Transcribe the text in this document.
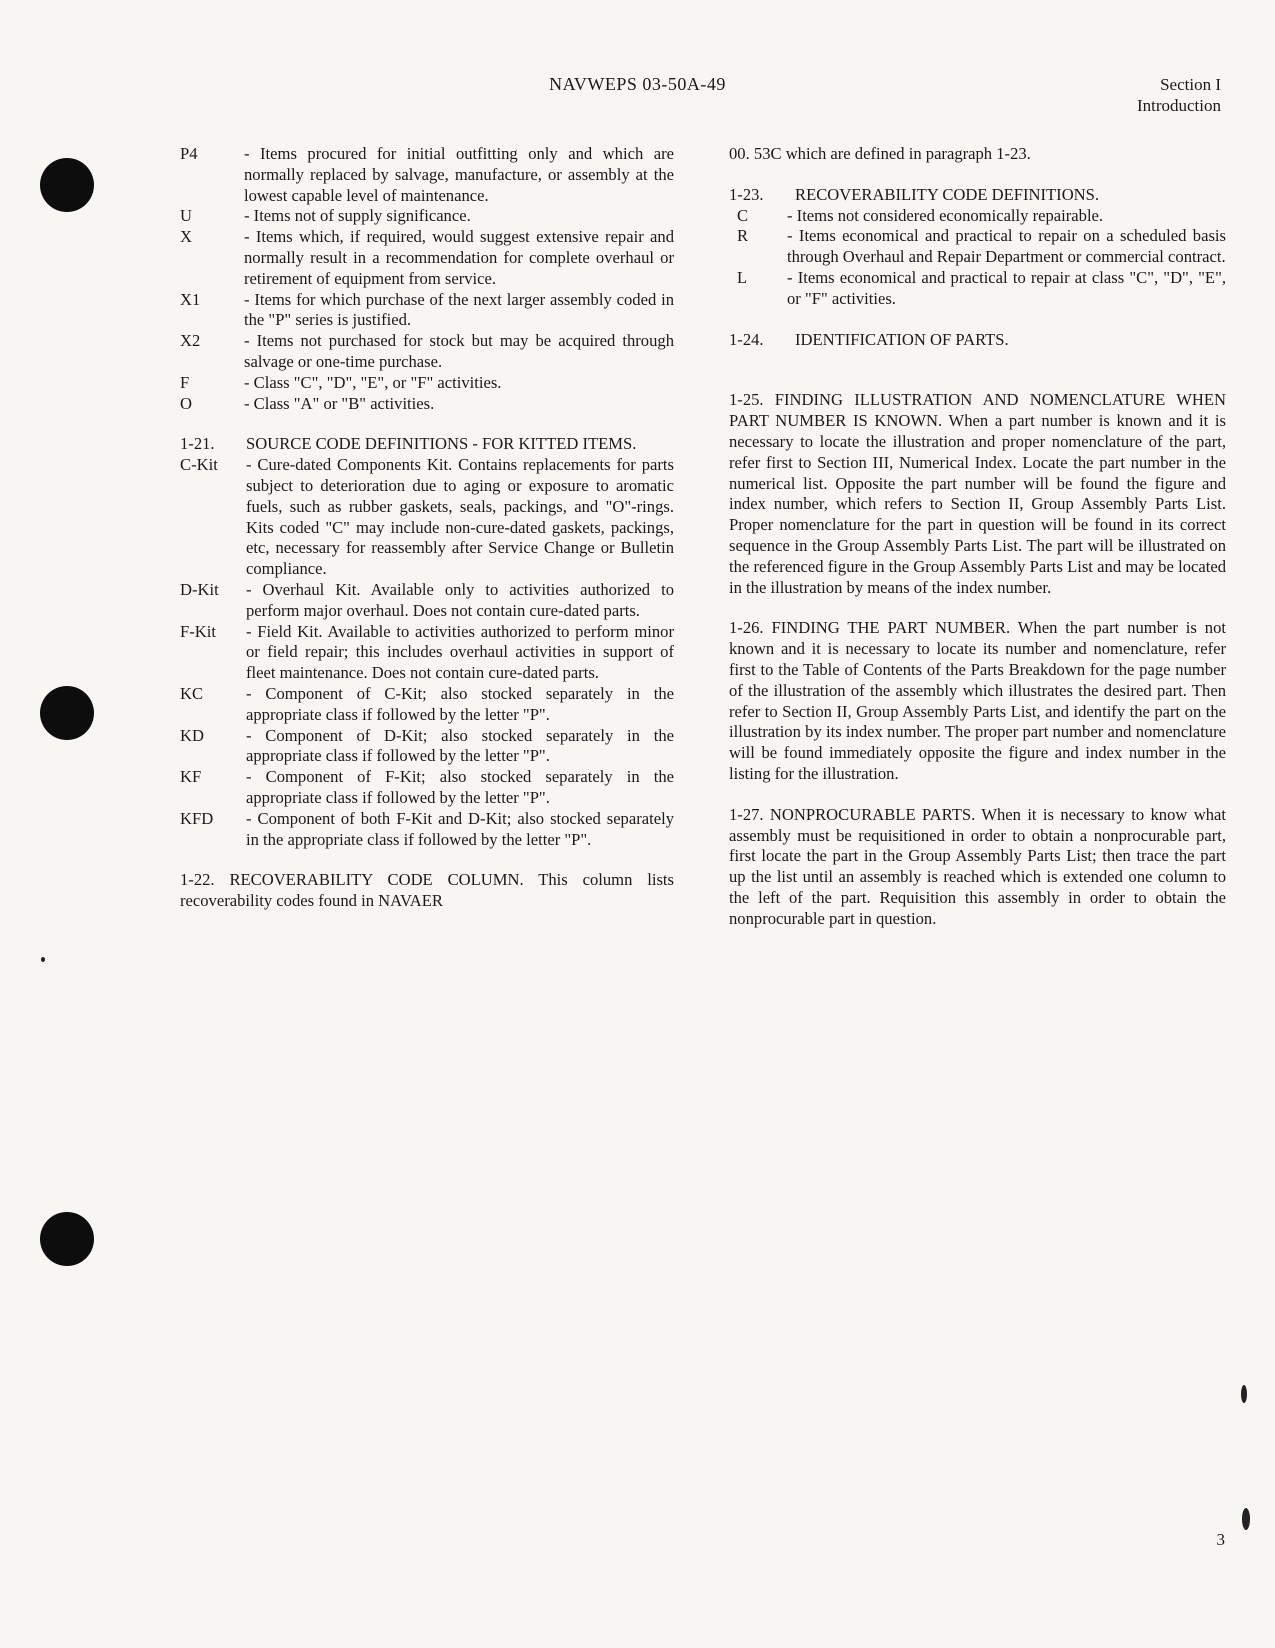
NAVWEPS 03-50A-49	Section I
Introduction
P4	- Items procured for initial outfitting only and which are normally replaced by salvage, manufacture, or assembly at the lowest capable level of maintenance.
U	- Items not of supply significance.
X	- Items which, if required, would suggest extensive repair and normally result in a recommendation for complete overhaul or retirement of equipment from service.
X1	- Items for which purchase of the next larger assembly coded in the "P" series is justified.
X2	- Items not purchased for stock but may be acquired through salvage or one-time purchase.
F	- Class "C", "D", "E", or "F" activities.
O	- Class "A" or "B" activities.
1-21.	SOURCE CODE DEFINITIONS - FOR KITTED ITEMS.
C-Kit	- Cure-dated Components Kit. Contains replacements for parts subject to deterioration due to aging or exposure to aromatic fuels, such as rubber gaskets, seals, packings, and "O"-rings. Kits coded "C" may include non-cure-dated gaskets, packings, etc, necessary for reassembly after Service Change or Bulletin compliance.
D-Kit	- Overhaul Kit. Available only to activities authorized to perform major overhaul. Does not contain cure-dated parts.
F-Kit	- Field Kit. Available to activities authorized to perform minor or field repair; this includes overhaul activities in support of fleet maintenance. Does not contain cure-dated parts.
KC	- Component of C-Kit; also stocked separately in the appropriate class if followed by the letter "P".
KD	- Component of D-Kit; also stocked separately in the appropriate class if followed by the letter "P".
KF	- Component of F-Kit; also stocked separately in the appropriate class if followed by the letter "P".
KFD	- Component of both F-Kit and D-Kit; also stocked separately in the appropriate class if followed by the letter "P".
1-22. RECOVERABILITY CODE COLUMN. This column lists recoverability codes found in NAVAER
00. 53C which are defined in paragraph 1-23.
1-23.	RECOVERABILITY CODE DEFINITIONS.
C	- Items not considered economically repairable.
R	- Items economical and practical to repair on a scheduled basis through Overhaul and Repair Department or commercial contract.
L	- Items economical and practical to repair at class "C", "D", "E", or "F" activities.
1-24.	IDENTIFICATION OF PARTS.
1-25. FINDING ILLUSTRATION AND NOMENCLATURE WHEN PART NUMBER IS KNOWN. When a part number is known and it is necessary to locate the illustration and proper nomenclature of the part, refer first to Section III, Numerical Index. Locate the part number in the numerical list. Opposite the part number will be found the figure and index number, which refers to Section II, Group Assembly Parts List. Proper nomenclature for the part in question will be found in its correct sequence in the Group Assembly Parts List. The part will be illustrated on the referenced figure in the Group Assembly Parts List and may be located in the illustration by means of the index number.
1-26. FINDING THE PART NUMBER. When the part number is not known and it is necessary to locate its number and nomenclature, refer first to the Table of Contents of the Parts Breakdown for the page number of the illustration of the assembly which illustrates the desired part. Then refer to Section II, Group Assembly Parts List, and identify the part on the illustration by its index number. The proper part number and nomenclature will be found immediately opposite the figure and index number in the listing for the illustration.
1-27. NONPROCURABLE PARTS. When it is necessary to know what assembly must be requisitioned in order to obtain a nonprocurable part, first locate the part in the Group Assembly Parts List; then trace the part up the list until an assembly is reached which is extended one column to the left of the part. Requisition this assembly in order to obtain the nonprocurable part in question.
3
